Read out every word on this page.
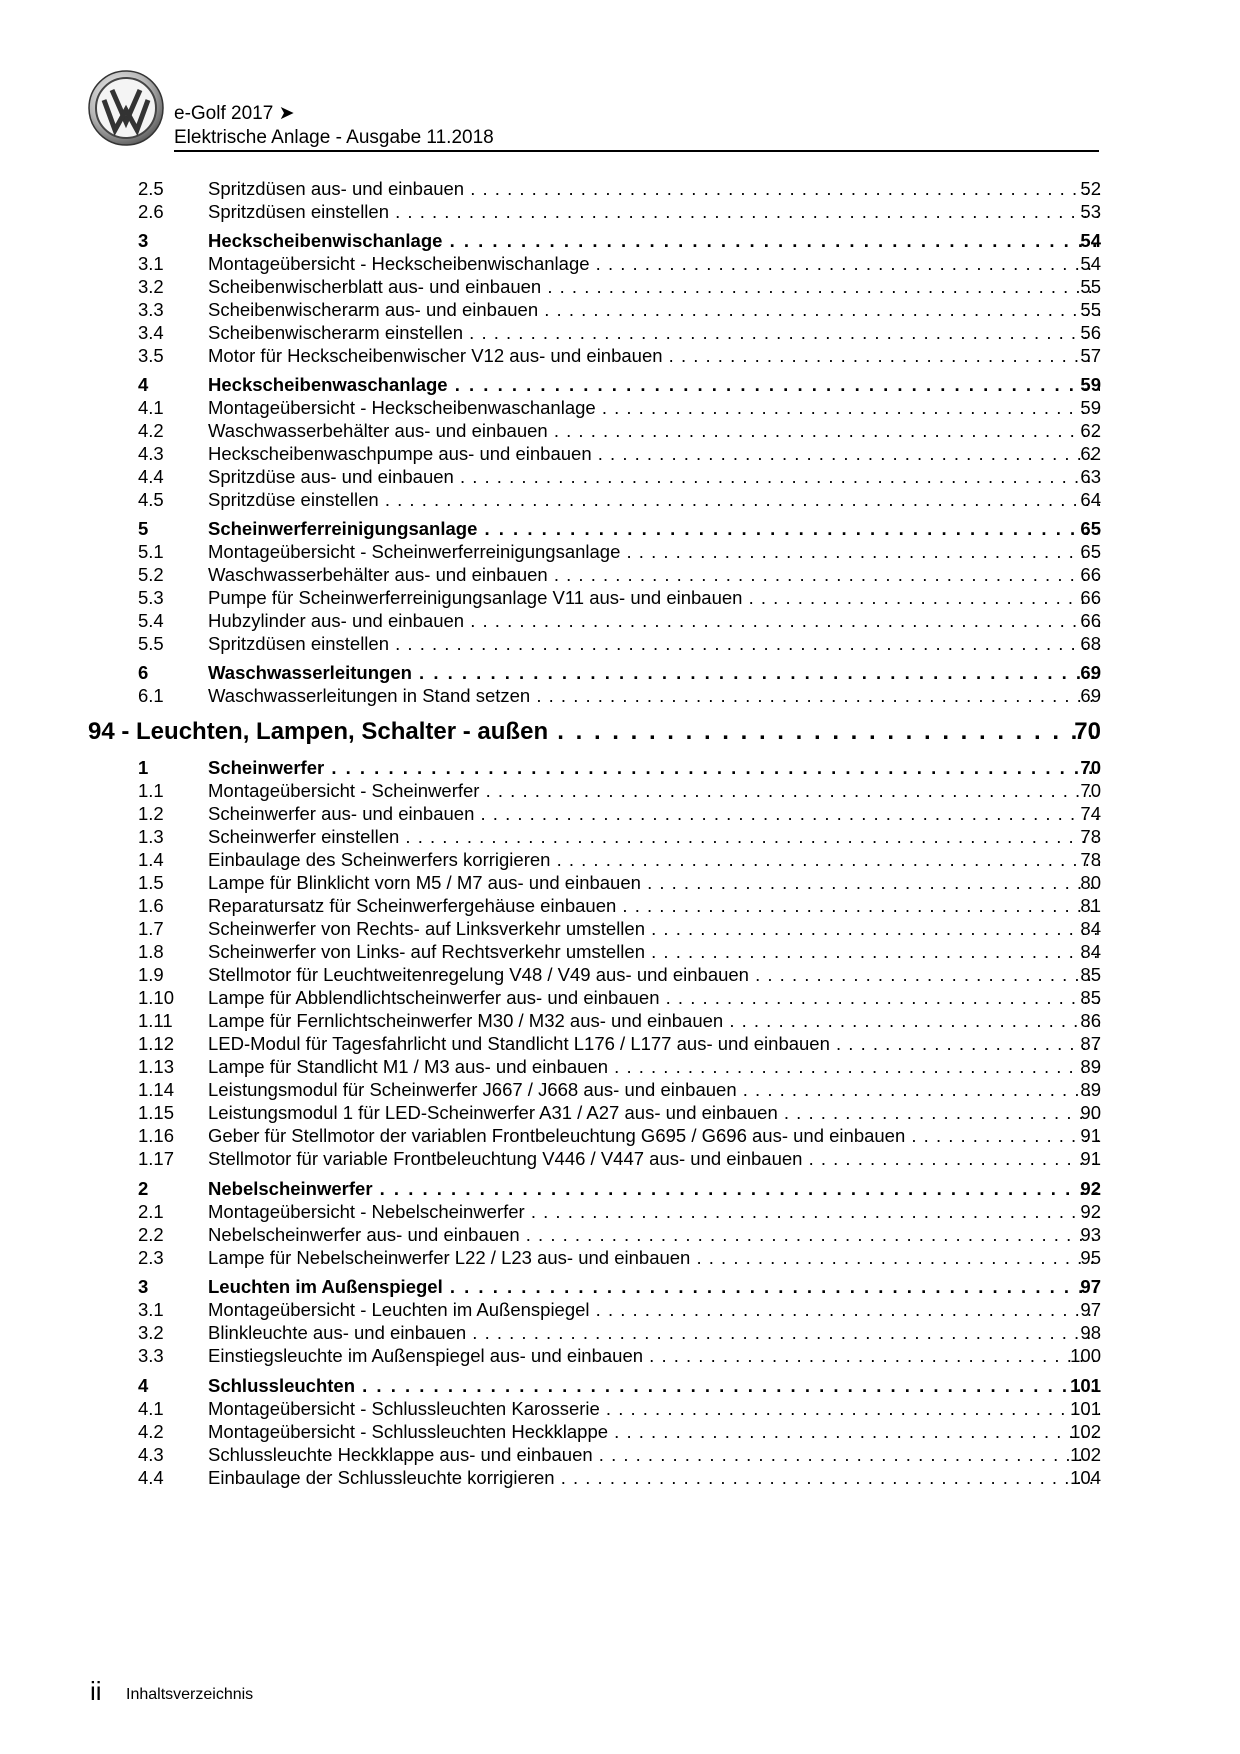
e-Golf 2017 ➤
Elektrische Anlage - Ausgabe 11.2018
2.5 Spritzdüsen aus- und einbauen . . .	52
2.6 Spritzdüsen einstellen . . .	53
3	Heckscheibenwischanlage . . .	54
3.1 Montageübersicht - Heckscheibenwischanlage . . .	54
3.2 Scheibenwischerblatt aus- und einbauen . . .	55
3.3 Scheibenwischerarm aus- und einbauen . . .	55
3.4 Scheibenwischerarm einstellen . . .	56
3.5 Motor für Heckscheibenwischer V12 aus- und einbauen . . .	57
4	Heckscheibenwaschanlage . . .	59
4.1 Montageübersicht - Heckscheibenwaschanlage . . .	59
4.2 Waschwasserbehälter aus- und einbauen . . .	62
4.3 Heckscheibenwaschpumpe aus- und einbauen . . .	62
4.4 Spritzdüse aus- und einbauen . . .	63
4.5 Spritzdüse einstellen . . .	64
5	Scheinwerferreinigungsanlage . . .	65
5.1 Montageübersicht - Scheinwerferreinigungsanlage . . .	65
5.2 Waschwasserbehälter aus- und einbauen . . .	66
5.3 Pumpe für Scheinwerferreinigungsanlage V11 aus- und einbauen . . .	66
5.4 Hubzylinder aus- und einbauen . . .	66
5.5 Spritzdüsen einstellen . . .	68
6	Waschwasserleitungen . . .	69
6.1 Waschwasserleitungen in Stand setzen . . .	69
94 - Leuchten, Lampen, Schalter - außen . . .	70
1	Scheinwerfer . . .	70
1.1 Montageübersicht - Scheinwerfer . . .	70
1.2 Scheinwerfer aus- und einbauen . . .	74
1.3 Scheinwerfer einstellen . . .	78
1.4 Einbaulage des Scheinwerfers korrigieren . . .	78
1.5 Lampe für Blinklicht vorn M5 / M7 aus- und einbauen . . .	80
1.6 Reparatursatz für Scheinwerfergehäuse einbauen . . .	81
1.7 Scheinwerfer von Rechts- auf Linksverkehr umstellen . . .	84
1.8 Scheinwerfer von Links- auf Rechtsverkehr umstellen . . .	84
1.9 Stellmotor für Leuchtweitenregelung V48 / V49 aus- und einbauen . . .	85
1.10 Lampe für Abblendlichtscheinwerfer aus- und einbauen . . .	85
1.11 Lampe für Fernlichtscheinwerfer M30 / M32 aus- und einbauen . . .	86
1.12 LED-Modul für Tagesfahrlicht und Standlicht L176 / L177 aus- und einbauen . . .	87
1.13 Lampe für Standlicht M1 / M3 aus- und einbauen . . .	89
1.14 Leistungsmodul für Scheinwerfer J667 / J668 aus- und einbauen . . .	89
1.15 Leistungsmodul 1 für LED-Scheinwerfer A31 / A27 aus- und einbauen . . .	90
1.16 Geber für Stellmotor der variablen Frontbeleuchtung G695 / G696 aus- und einbauen . . .	91
1.17 Stellmotor für variable Frontbeleuchtung V446 / V447 aus- und einbauen . . .	91
2	Nebelscheinwerfer . . .	92
2.1 Montageübersicht - Nebelscheinwerfer . . .	92
2.2 Nebelscheinwerfer aus- und einbauen . . .	93
2.3 Lampe für Nebelscheinwerfer L22 / L23 aus- und einbauen . . .	95
3	Leuchten im Außenspiegel . . .	97
3.1 Montageübersicht - Leuchten im Außenspiegel . . .	97
3.2 Blinkleuchte aus- und einbauen . . .	98
3.3 Einstiegsleuchte im Außenspiegel aus- und einbauen . . .	100
4	Schlussleuchten . . .	101
4.1 Montageübersicht - Schlussleuchten Karosserie . . .	101
4.2 Montageübersicht - Schlussleuchten Heckklappe . . .	102
4.3 Schlussleuchte Heckklappe aus- und einbauen . . .	102
4.4 Einbaulage der Schlussleuchte korrigieren . . .	104
ii Inhaltsverzeichnis
